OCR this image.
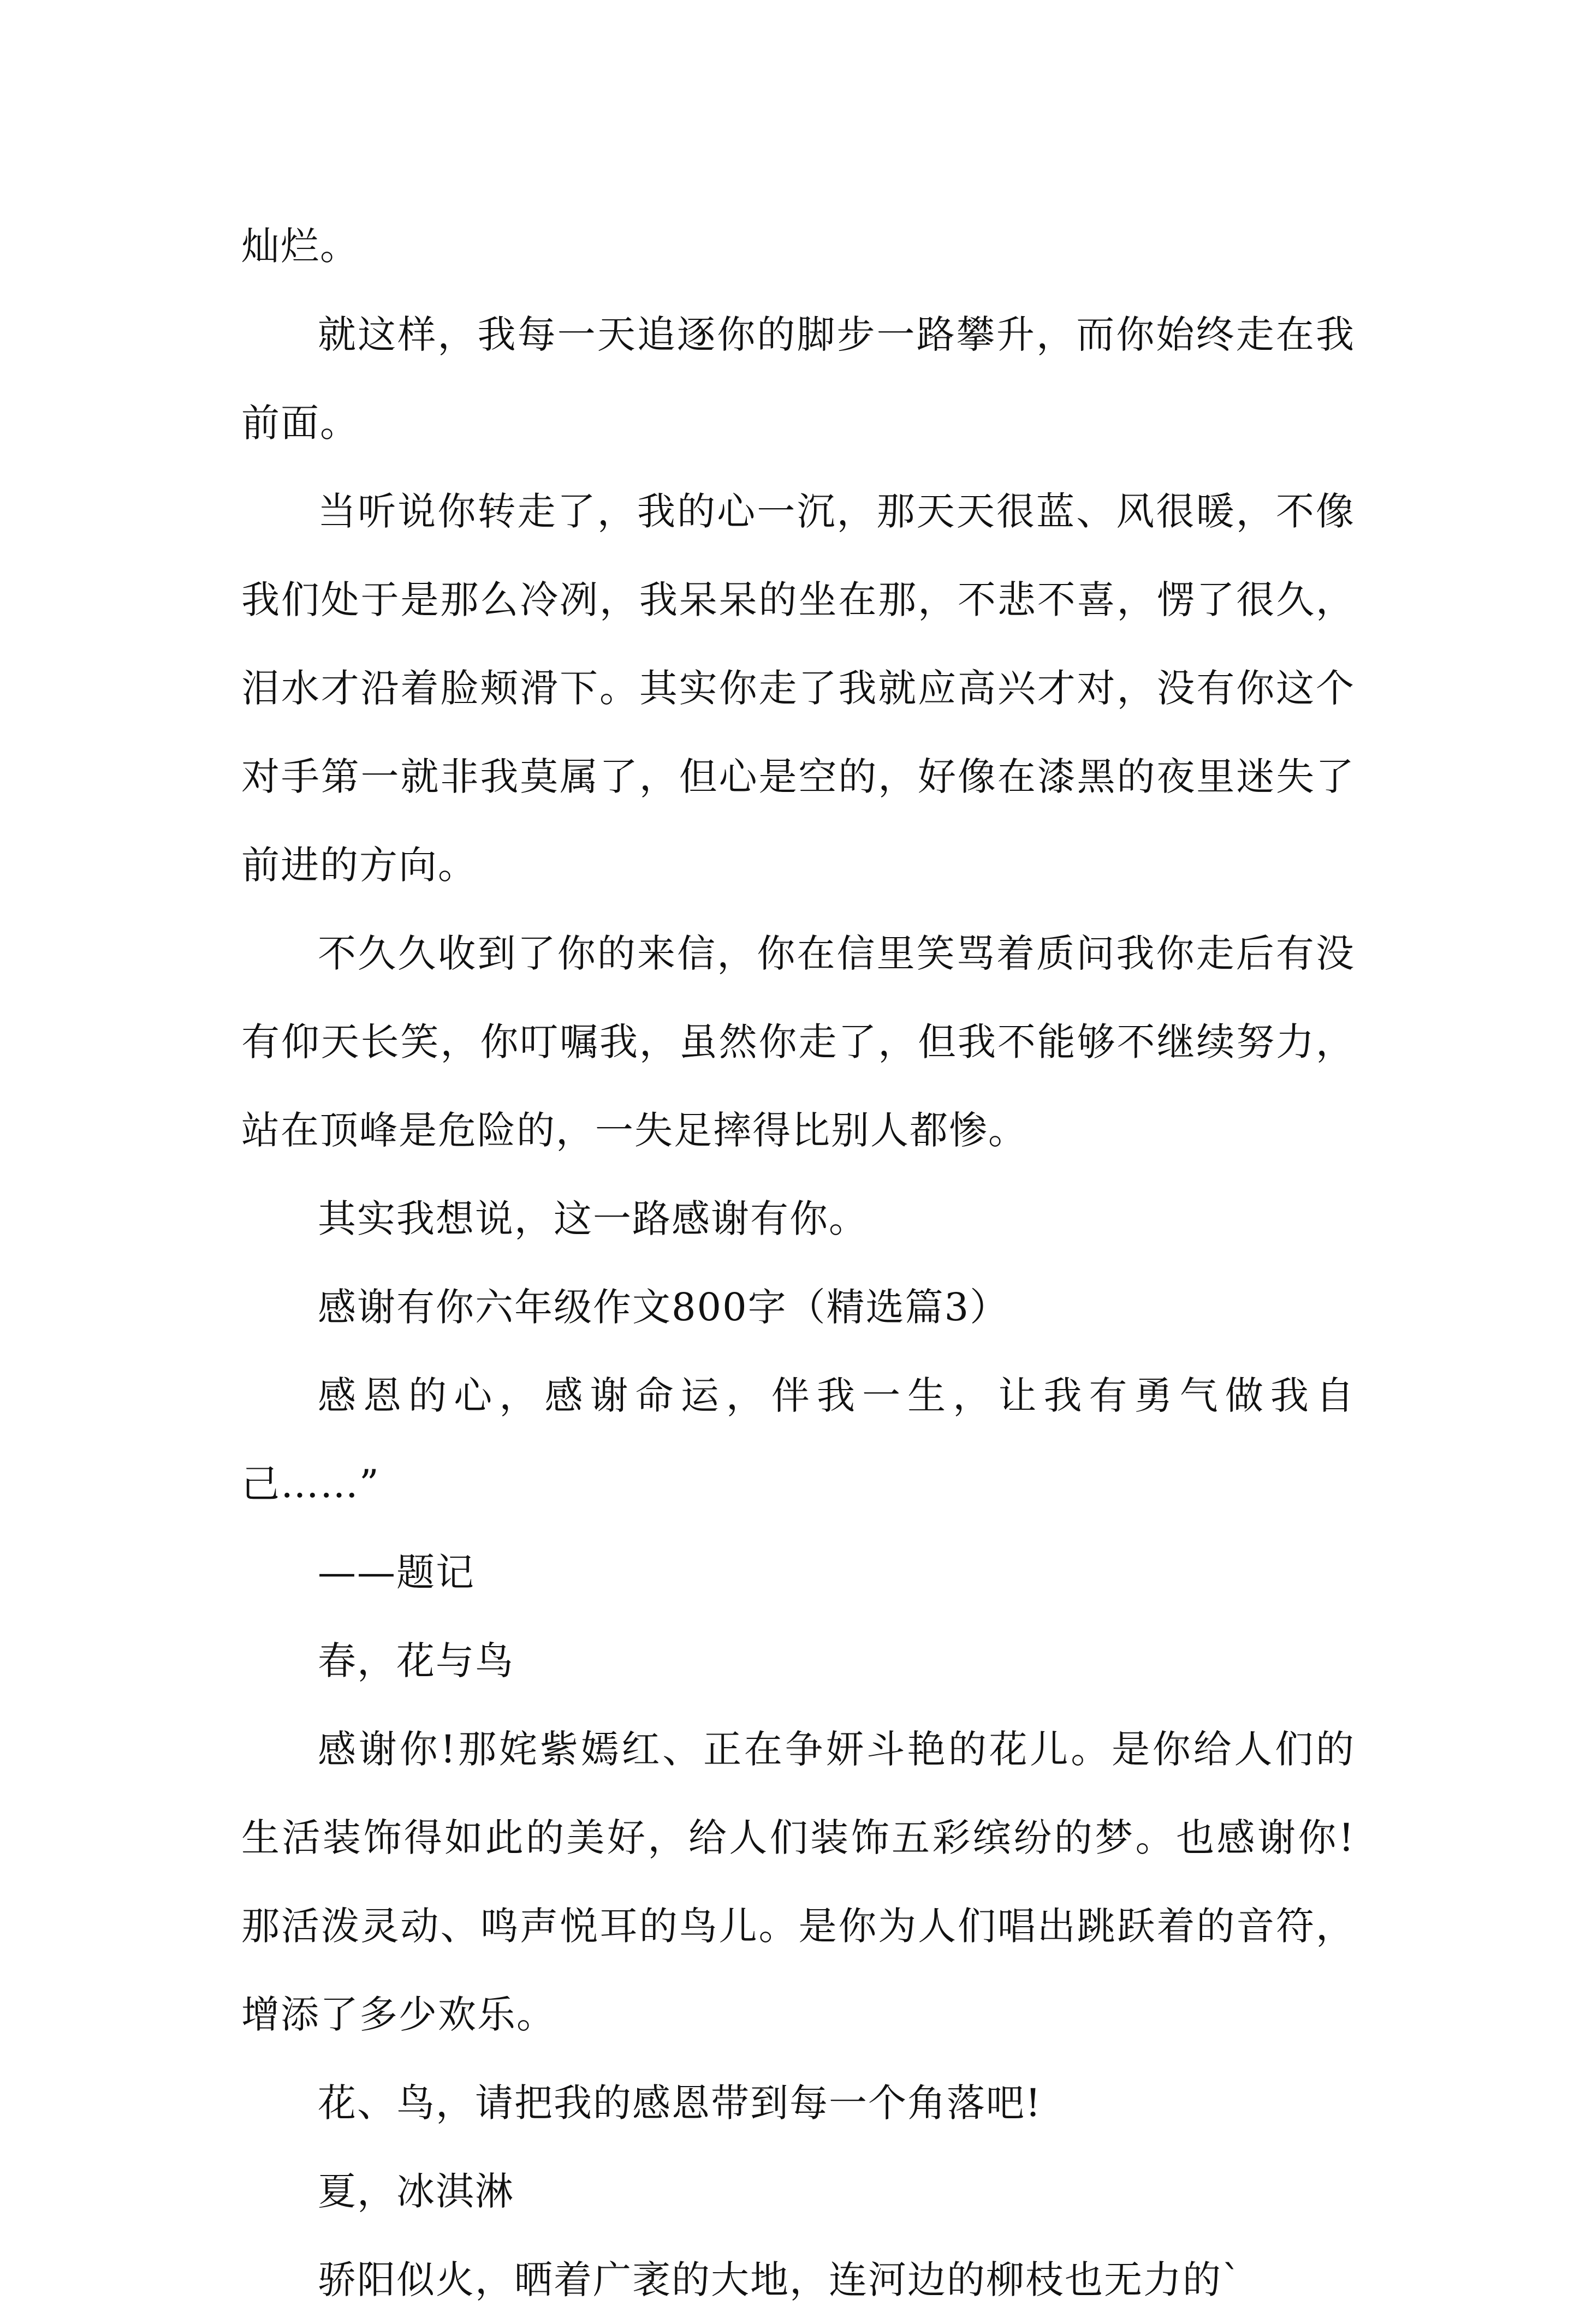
灿烂。

就这样，我每一天追逐你的脚步一路攀升，而你始终走在我前面。

当听说你转走了，我的心一沉，那天天很蓝、风很暖，不像我们处于是那么冷冽，我呆呆的坐在那，不悲不喜，愣了很久，泪水才沿着脸颊滑下。其实你走了我就应高兴才对，没有你这个对手第一就非我莫属了，但心是空的，好像在漆黑的夜里迷失了前进的方向。

不久久收到了你的来信，你在信里笑骂着质问我你走后有没有仰天长笑，你叮嘱我，虽然你走了，但我不能够不继续努力，站在顶峰是危险的，一失足摔得比别人都惨。

其实我想说，这一路感谢有你。

感谢有你六年级作文800字（精选篇3）

感恩的心，感谢命运，伴我一生，让我有勇气做我自己……”

——题记

春，花与鸟

感谢你!那姹紫嫣红、正在争妍斗艳的花儿。是你给人们的生活装饰得如此的美好，给人们装饰五彩缤纷的梦。也感谢你!那活泼灵动、鸣声悦耳的鸟儿。是你为人们唱出跳跃着的音符，增添了多少欢乐。

花、鸟，请把我的感恩带到每一个角落吧!

夏，冰淇淋

骄阳似火，晒着广袤的大地，连河边的柳枝也无力的`
